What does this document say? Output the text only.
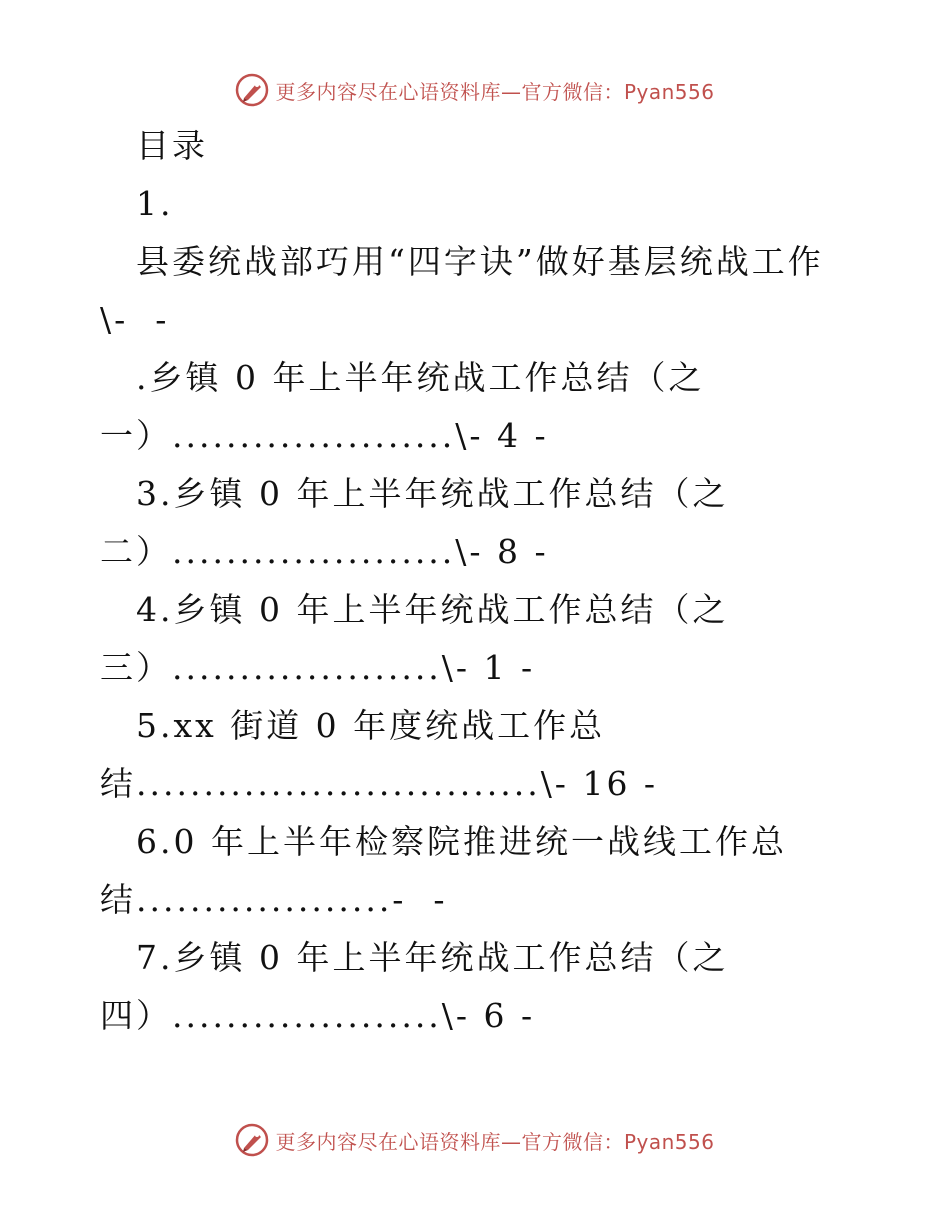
更多内容尽在心语资料库—官方微信：Pyan556
目录
1.
县委统战部巧用“四字诀”做好基层统战工作
\-  -
.乡镇 0 年上半年统战工作总结（之
一）.....................\- 4 -
3.乡镇 0 年上半年统战工作总结（之
二）.....................\- 8 -
4.乡镇 0 年上半年统战工作总结（之
三）....................\- 1 -
5.xx 街道 0 年度统战工作总
结..............................\- 16 -
6.0 年上半年检察院推进统一战线工作总
结...................-  -
7.乡镇 0 年上半年统战工作总结（之
四）....................\- 6 -
更多内容尽在心语资料库—官方微信：Pyan556
